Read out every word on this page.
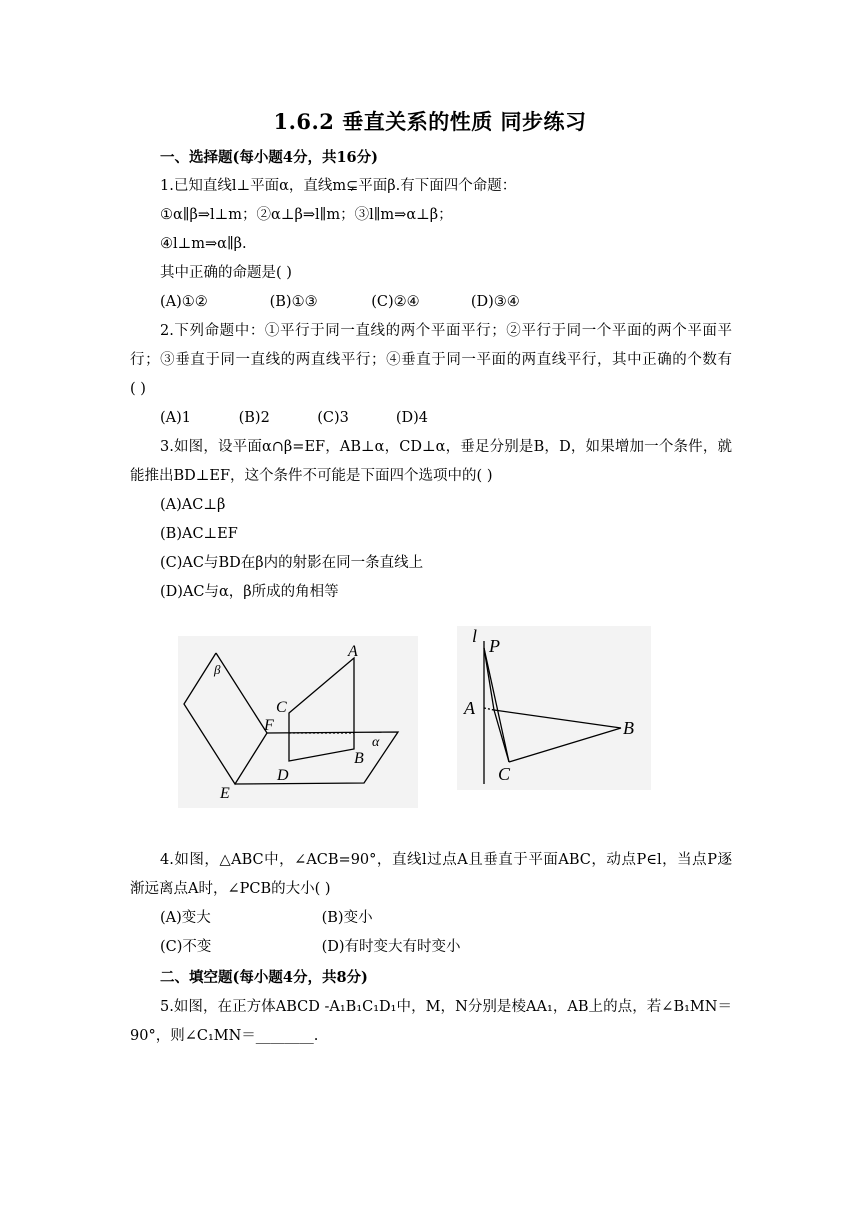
1.6.2 垂直关系的性质 同步练习
一、选择题(每小题4分，共16分)
1.已知直线l⊥平面α，直线m⊊平面β.有下面四个命题：
①α∥β⇒l⊥m；②α⊥β⇒l∥m；③l∥m⇒α⊥β；
④l⊥m⇒α∥β.
其中正确的命题是( )
(A)①②	(B)①③	(C)②④	(D)③④
2.下列命题中：①平行于同一直线的两个平面平行；②平行于同一个平面的两个平面平
行；③垂直于同一直线的两直线平行；④垂直于同一平面的两直线平行，其中正确的个数有
( )
(A)1	(B)2	(C)3	(D)4
3.如图，设平面α∩β=EF，AB⊥α，CD⊥α，垂足分别是B，D，如果增加一个条件，就
能推出BD⊥EF，这个条件不可能是下面四个选项中的( )
(A)AC⊥β
(B)AC⊥EF
(C)AC与BD在β内的射影在同一条直线上
(D)AC与α，β所成的角相等
β
A
C
F
α
B
D
E
l P
A
B
C
4.如图，△ABC中，∠ACB=90°，直线l过点A且垂直于平面ABC，动点P∈l，当点P逐
渐远离点A时，∠PCB的大小( )
(A)变大	(B)变小
(C)不变	(D)有时变大有时变小
二、填空题(每小题4分，共8分)
5.如图，在正方体ABCD -A₁B₁C₁D₁中，M，N分别是棱AA₁，AB上的点，若∠B₁MN＝
90°，则∠C₁MN＝________.
